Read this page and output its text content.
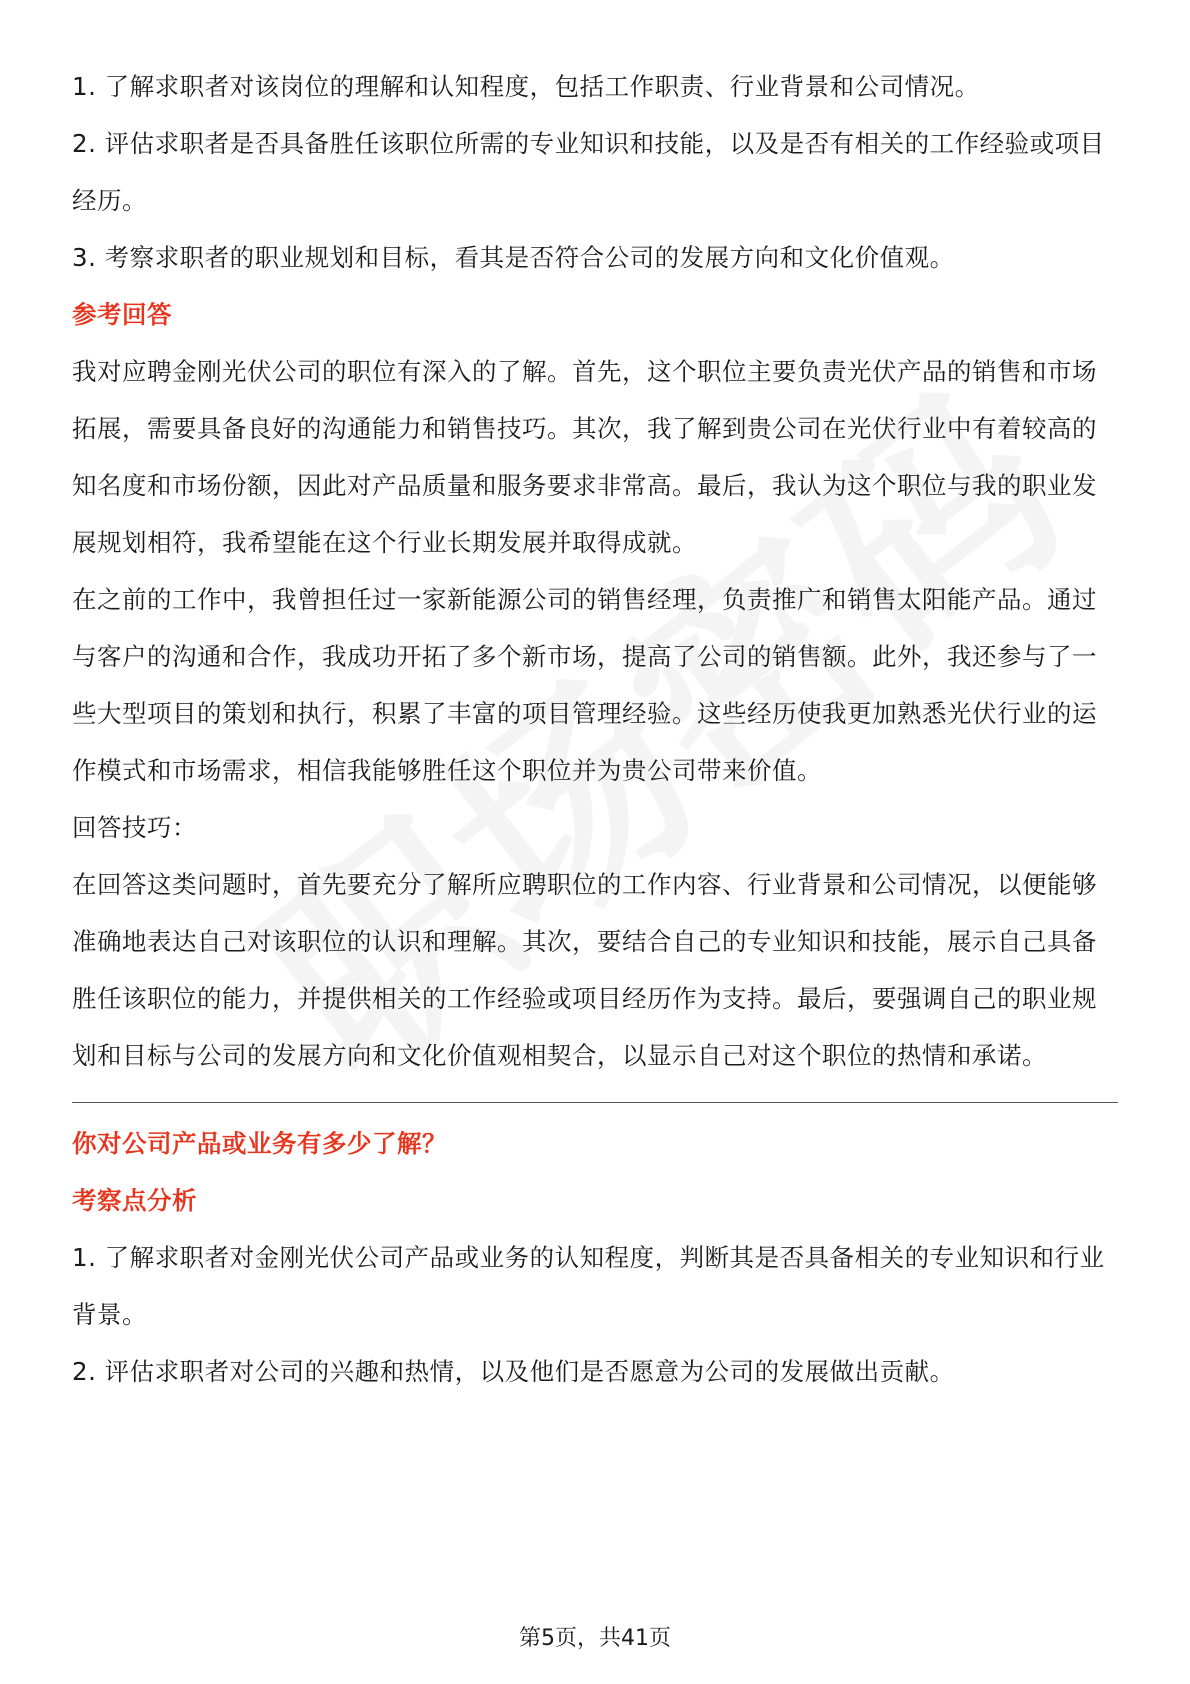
1. 了解求职者对该岗位的理解和认知程度，包括工作职责、行业背景和公司情况。

2. 评估求职者是否具备胜任该职位所需的专业知识和技能，以及是否有相关的工作经验或项目经历。

3. 考察求职者的职业规划和目标，看其是否符合公司的发展方向和文化价值观。

参考回答

我对应聘金刚光伏公司的职位有深入的了解。首先，这个职位主要负责光伏产品的销售和市场拓展，需要具备良好的沟通能力和销售技巧。其次，我了解到贵公司在光伏行业中有着较高的知名度和市场份额，因此对产品质量和服务要求非常高。最后，我认为这个职位与我的职业发展规划相符，我希望能在这个行业长期发展并取得成就。

在之前的工作中，我曾担任过一家新能源公司的销售经理，负责推广和销售太阳能产品。通过与客户的沟通和合作，我成功开拓了多个新市场，提高了公司的销售额。此外，我还参与了一些大型项目的策划和执行，积累了丰富的项目管理经验。这些经历使我更加熟悉光伏行业的运作模式和市场需求，相信我能够胜任这个职位并为贵公司带来价值。

回答技巧：

在回答这类问题时，首先要充分了解所应聘职位的工作内容、行业背景和公司情况，以便能够准确地表达自己对该职位的认识和理解。其次，要结合自己的专业知识和技能，展示自己具备胜任该职位的能力，并提供相关的工作经验或项目经历作为支持。最后，要强调自己的职业规划和目标与公司的发展方向和文化价值观相契合，以显示自己对这个职位的热情和承诺。

你对公司产品或业务有多少了解？

考察点分析

1. 了解求职者对金刚光伏公司产品或业务的认知程度，判断其是否具备相关的专业知识和行业背景。

2. 评估求职者对公司的兴趣和热情，以及他们是否愿意为公司的发展做出贡献。

第5页，共41页
